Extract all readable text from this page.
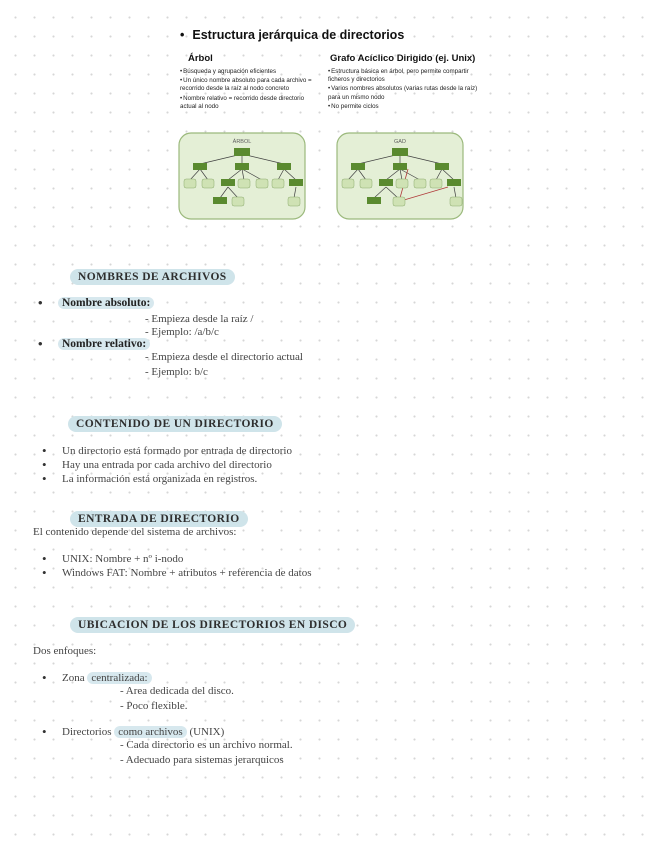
• Estructura jerárquica de directorios
Árbol
• Búsqueda y agrupación eficientes
• Un único nombre absoluto para cada archivo = recorrido desde la raíz al nodo concreto
• Nombre relativo = recorrido desde directorio actual al nodo
Grafo Acíclico Dirigido (ej. Unix)
• Estructura básica en árbol, pero permite compartir ficheros y directorios
• Varios nombres absolutos (varias rutas desde la raíz) para un mismo nodo
• No permite ciclos
ÁRBOL	GAD
NOMBRES DE ARCHIVOS
• Nombre absoluto:
- Empieza desde la raíz /
- Ejemplo: /a/b/c
• Nombre relativo:
- Empieza desde el directorio actual
- Ejemplo: b/c
CONTENIDO DE UN DIRECTORIO
• Un directorio está formado por entrada de directorio
• Hay una entrada por cada archivo del directorio
• La información está organizada en registros.
ENTRADA DE DIRECTORIO
El contenido depende del sistema de archivos:
• UNIX: Nombre + nº i-nodo
• Windows FAT: Nombre + atributos + referencia de datos
UBICACION DE LOS DIRECTORIOS EN DISCO
Dos enfoques:
• Zona centralizada:
- Area dedicada del disco.
- Poco flexible.
• Directorios como archivos (UNIX)
- Cada directorio es un archivo normal.
- Adecuado para sistemas jerarquicos
